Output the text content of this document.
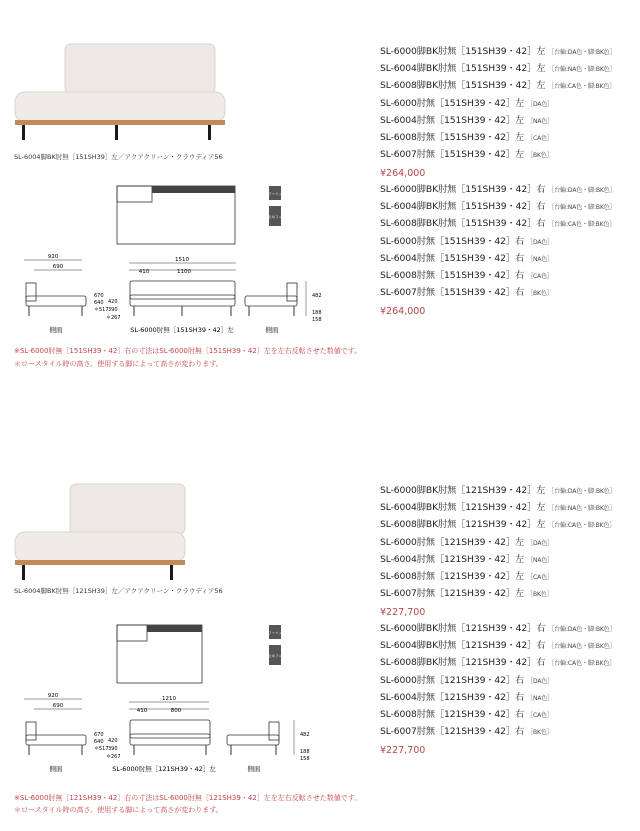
SL-6004脚BK肘無［151SH39］左／アクアクリーン・クラウディア56
ソファマット
滑り止めフェルト
920
690
1510
410	1100
670
640
＊517
420
390
＊267
482
188
158
側面	SL-6000肘無［151SH39・42］左	側面
SL-6000脚BK肘無［151SH39・42］左 ［台輪:DA色・脚:BK色］
SL-6004脚BK肘無［151SH39・42］左 ［台輪:NA色・脚:BK色］
SL-6008脚BK肘無［151SH39・42］左 ［台輪:CA色・脚:BK色］
SL-6000肘無［151SH39・42］左 ［DA色］
SL-6004肘無［151SH39・42］左 ［NA色］
SL-6008肘無［151SH39・42］左 ［CA色］
SL-6007肘無［151SH39・42］左 ［BK色］
¥264,000
SL-6000脚BK肘無［151SH39・42］右 ［台輪:DA色・脚:BK色］
SL-6004脚BK肘無［151SH39・42］右 ［台輪:NA色・脚:BK色］
SL-6008脚BK肘無［151SH39・42］右 ［台輪:CA色・脚:BK色］
SL-6000肘無［151SH39・42］右 ［DA色］
SL-6004肘無［151SH39・42］右 ［NA色］
SL-6008肘無［151SH39・42］右 ［CA色］
SL-6007肘無［151SH39・42］右 ［BK色］
¥264,000
※SL-6000肘無［151SH39・42］右の寸法はSL-6000肘無［151SH39・42］左を左右反転させた数値です。
＊ロースタイル時の高さ。使用する脚によって高さが変わります。
SL-6004脚BK肘無［121SH39］左／アクアクリーン・クラウディア56
ソファマット
滑り止めフェルト
920
690
1210
410	800
670
640
＊517
420
390
＊267
482
188
158
側面	SL-6000肘無［121SH39・42］左	側面
SL-6000脚BK肘無［121SH39・42］左 ［台輪:DA色・脚:BK色］
SL-6004脚BK肘無［121SH39・42］左 ［台輪:NA色・脚:BK色］
SL-6008脚BK肘無［121SH39・42］左 ［台輪:CA色・脚:BK色］
SL-6000肘無［121SH39・42］左 ［DA色］
SL-6004肘無［121SH39・42］左 ［NA色］
SL-6008肘無［121SH39・42］左 ［CA色］
SL-6007肘無［121SH39・42］左 ［BK色］
¥227,700
SL-6000脚BK肘無［121SH39・42］右 ［台輪:DA色・脚:BK色］
SL-6004脚BK肘無［121SH39・42］右 ［台輪:NA色・脚:BK色］
SL-6008脚BK肘無［121SH39・42］右 ［台輪:CA色・脚:BK色］
SL-6000肘無［121SH39・42］右 ［DA色］
SL-6004肘無［121SH39・42］右 ［NA色］
SL-6008肘無［121SH39・42］右 ［CA色］
SL-6007肘無［121SH39・42］右 ［BK色］
¥227,700
※SL-6000肘無［121SH39・42］右の寸法はSL-6000肘無［121SH39・42］左を左右反転させた数値です。
＊ロースタイル時の高さ。使用する脚によって高さが変わります。
